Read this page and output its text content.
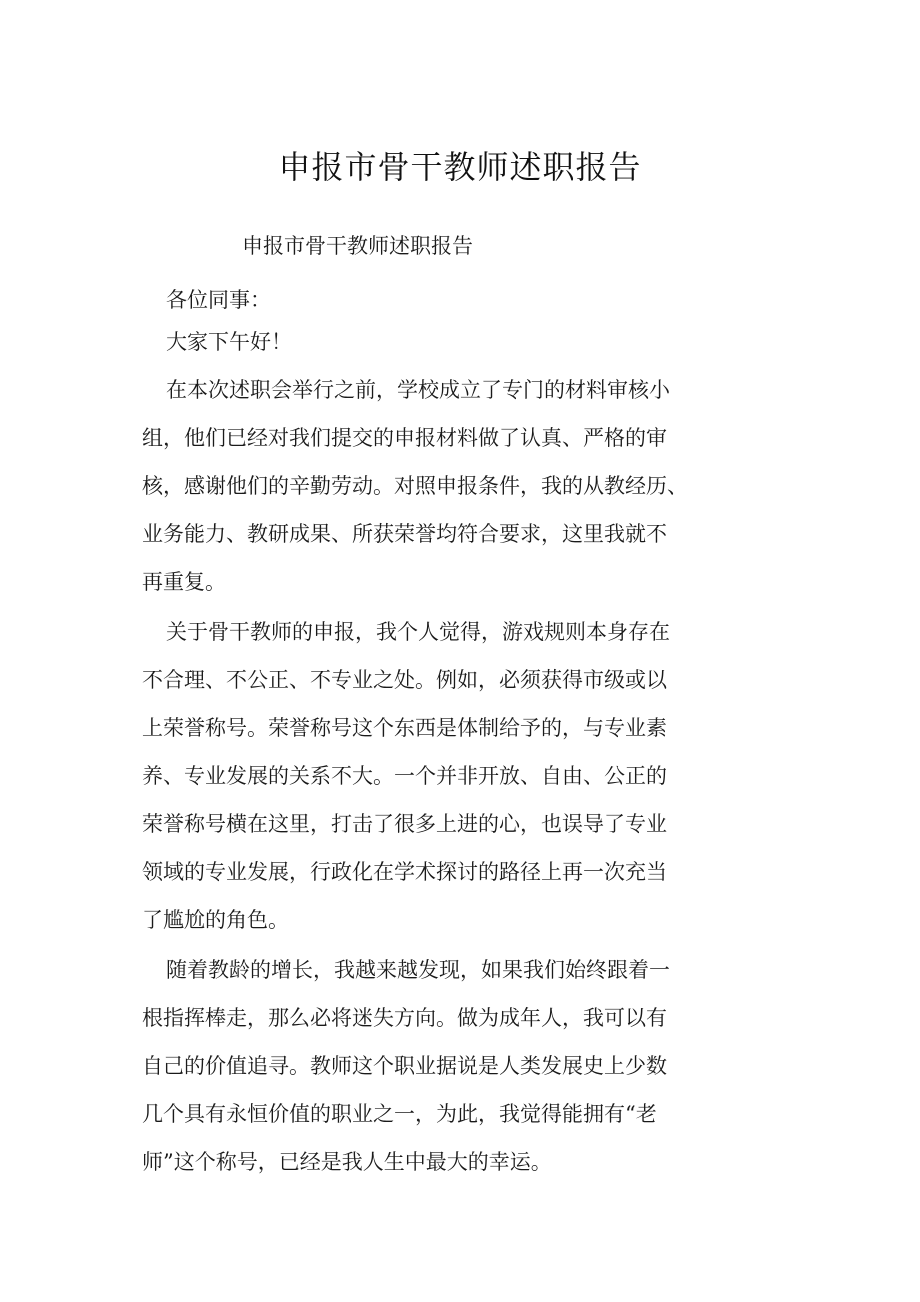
申报市骨干教师述职报告
申报市骨干教师述职报告
各位同事：
大家下午好！
在本次述职会举行之前，学校成立了专门的材料审核小
组，他们已经对我们提交的申报材料做了认真、严格的审
核，感谢他们的辛勤劳动。对照申报条件，我的从教经历、
业务能力、教研成果、所获荣誉均符合要求，这里我就不
再重复。
关于骨干教师的申报，我个人觉得，游戏规则本身存在
不合理、不公正、不专业之处。例如，必须获得市级或以
上荣誉称号。荣誉称号这个东西是体制给予的，与专业素
养、专业发展的关系不大。一个并非开放、自由、公正的
荣誉称号横在这里，打击了很多上进的心，也误导了专业
领域的专业发展，行政化在学术探讨的路径上再一次充当
了尴尬的角色。
随着教龄的增长，我越来越发现，如果我们始终跟着一
根指挥棒走，那么必将迷失方向。做为成年人，我可以有
自己的价值追寻。教师这个职业据说是人类发展史上少数
几个具有永恒价值的职业之一，为此，我觉得能拥有“老
师”这个称号，已经是我人生中最大的幸运。
